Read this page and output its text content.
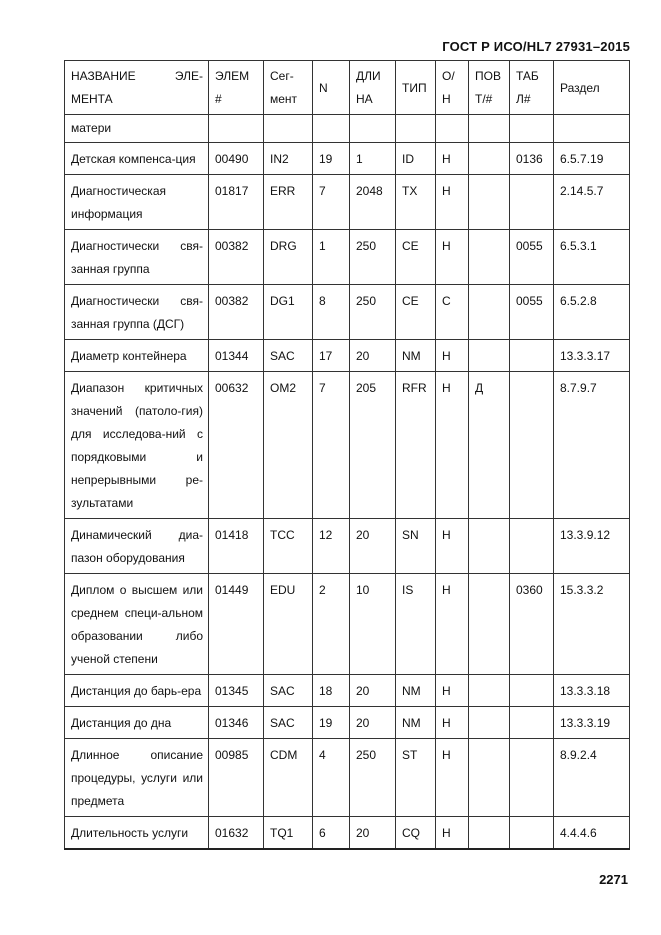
ГОСТ Р ИСО/HL7 27931–2015
НАЗВАНИЕ ЭЛЕ-МЕНТА	ЭЛЕМ #	Сег-мент	N	ДЛИ НА	ТИП	О/Н	ПОВ Т/#	ТАБ Л#	Раздел
матери									
Детская компенса-ция	00490	IN2	19	1	ID	Н		0136	6.5.7.19
Диагностическая информация	01817	ERR	7	2048	TX	Н			2.14.5.7
Диагностически свя-занная группа	00382	DRG	1	250	CE	Н		0055	6.5.3.1
Диагностически свя-занная группа (ДСГ)	00382	DG1	8	250	CE	С		0055	6.5.2.8
Диаметр контейнера	01344	SAC	17	20	NM	Н			13.3.3.17
Диапазон критичных значений (патоло-гия) для исследова-ний с порядковыми и непрерывными ре-зультатами	00632	OM2	7	205	RFR	Н	Д		8.7.9.7
Динамический диа-пазон оборудования	01418	TCC	12	20	SN	Н			13.3.9.12
Диплом о высшем или среднем специ-альном образовании либо ученой степени	01449	EDU	2	10	IS	Н		0360	15.3.3.2
Дистанция до барь-ера	01345	SAC	18	20	NM	Н			13.3.3.18
Дистанция до дна	01346	SAC	19	20	NM	Н			13.3.3.19
Длинное описание процедуры, услуги или предмета	00985	CDM	4	250	ST	Н			8.9.2.4
Длительность услуги	01632	TQ1	6	20	CQ	Н			4.4.4.6
2271
